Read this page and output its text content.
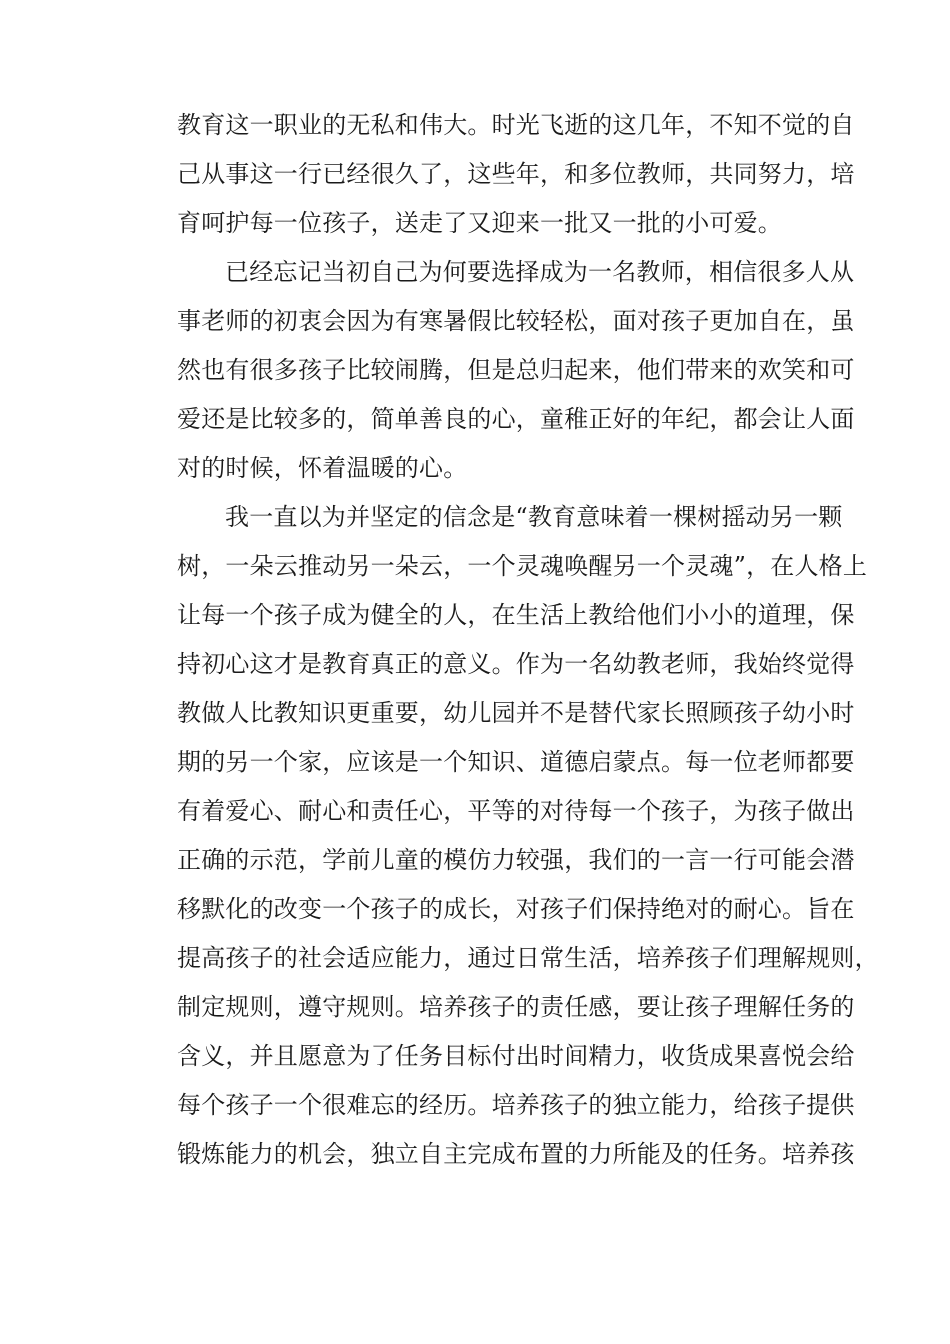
教育这一职业的无私和伟大。时光飞逝的这几年，不知不觉的自
己从事这一行已经很久了，这些年，和多位教师，共同努力，培
育呵护每一位孩子，送走了又迎来一批又一批的小可爱。
已经忘记当初自己为何要选择成为一名教师，相信很多人从
事老师的初衷会因为有寒暑假比较轻松，面对孩子更加自在，虽
然也有很多孩子比较闹腾，但是总归起来，他们带来的欢笑和可
爱还是比较多的，简单善良的心，童稚正好的年纪，都会让人面
对的时候，怀着温暖的心。
我一直以为并坚定的信念是“教育意味着一棵树摇动另一颗
树，一朵云推动另一朵云，一个灵魂唤醒另一个灵魂”，在人格上
让每一个孩子成为健全的人，在生活上教给他们小小的道理，保
持初心这才是教育真正的意义。作为一名幼教老师，我始终觉得
教做人比教知识更重要，幼儿园并不是替代家长照顾孩子幼小时
期的另一个家，应该是一个知识、道德启蒙点。每一位老师都要
有着爱心、耐心和责任心，平等的对待每一个孩子，为孩子做出
正确的示范，学前儿童的模仿力较强，我们的一言一行可能会潜
移默化的改变一个孩子的成长，对孩子们保持绝对的耐心。旨在
提高孩子的社会适应能力，通过日常生活，培养孩子们理解规则，
制定规则，遵守规则。培养孩子的责任感，要让孩子理解任务的
含义，并且愿意为了任务目标付出时间精力，收货成果喜悦会给
每个孩子一个很难忘的经历。培养孩子的独立能力，给孩子提供
锻炼能力的机会，独立自主完成布置的力所能及的任务。培养孩
